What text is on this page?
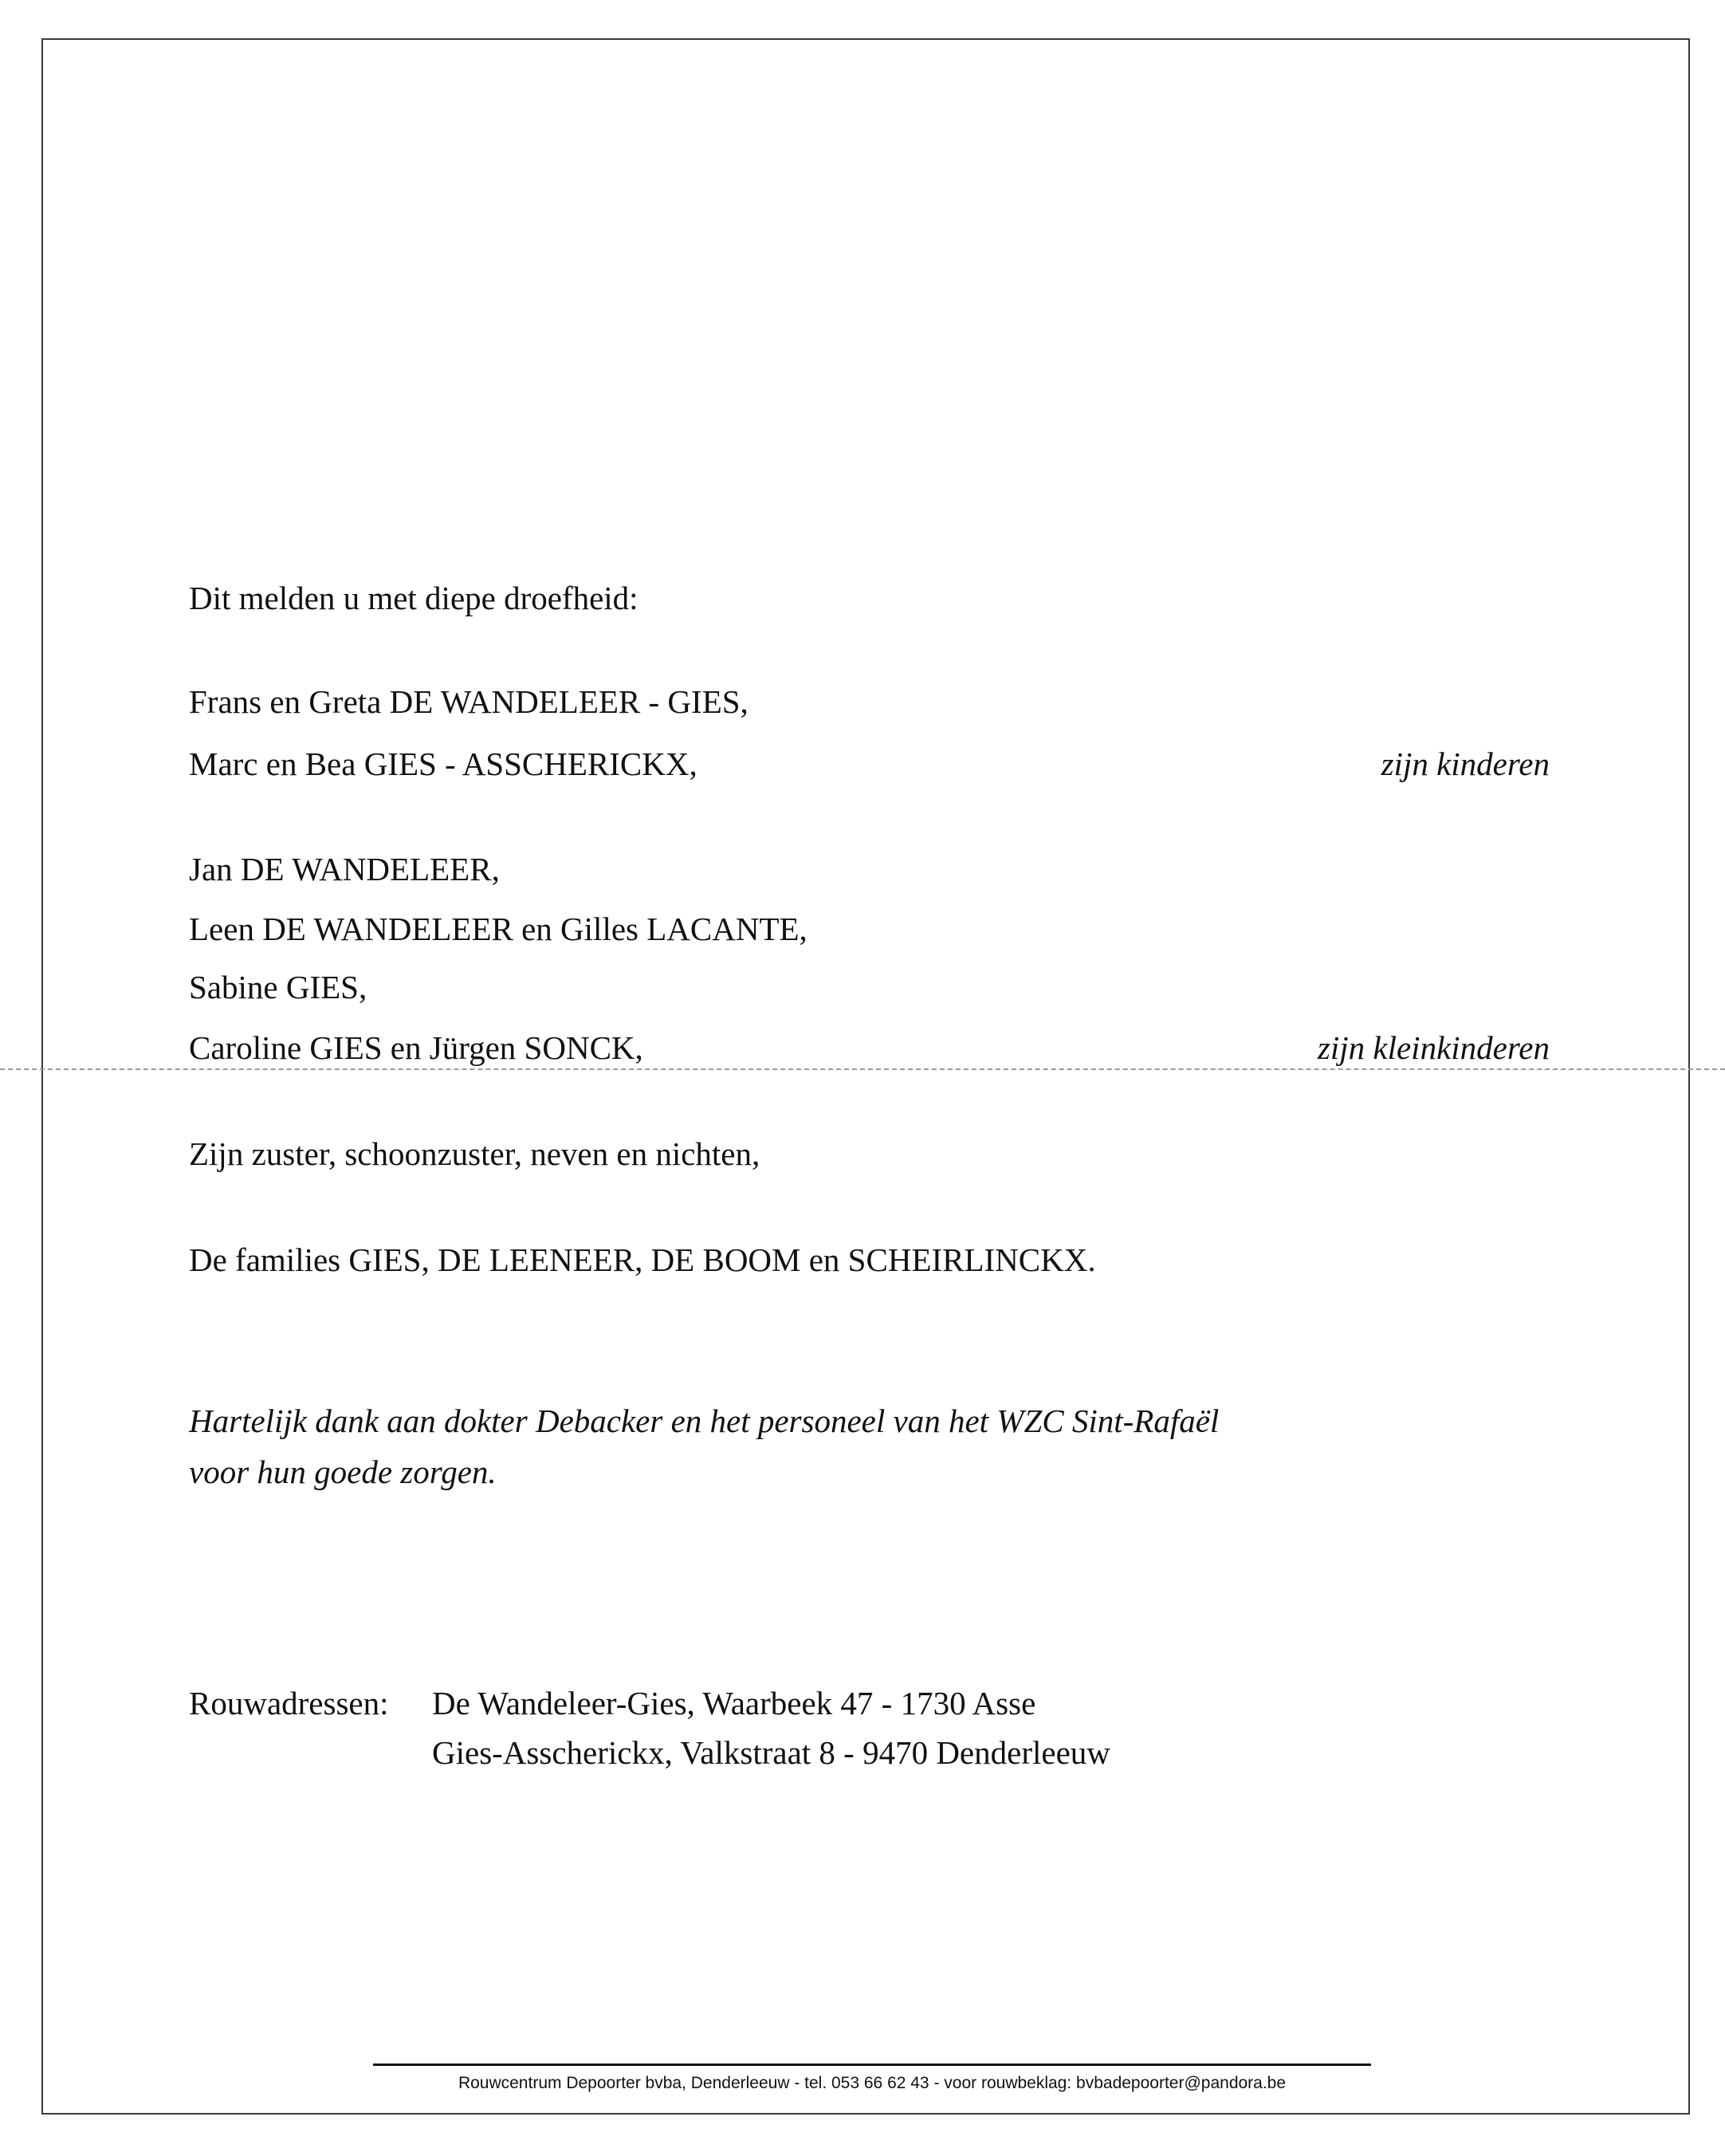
Dit melden u met diepe droefheid:
Frans en Greta DE WANDELEER - GIES,
Marc en Bea GIES - ASSCHERICKX,	zijn kinderen
Jan DE WANDELEER,
Leen DE WANDELEER en Gilles LACANTE,
Sabine GIES,
Caroline GIES en Jürgen SONCK,	zijn kleinkinderen
Zijn zuster, schoonzuster, neven en nichten,
De families GIES, DE LEENEER, DE BOOM en SCHEIRLINCKX.
Hartelijk dank aan dokter Debacker en het personeel van het WZC Sint-Rafaël
voor hun goede zorgen.
Rouwadressen: De Wandeleer-Gies, Waarbeek 47 - 1730 Asse
Gies-Asscherickx, Valkstraat 8 - 9470 Denderleeuw
Rouwcentrum Depoorter bvba, Denderleeuw - tel. 053 66 62 43 - voor rouwbeklag: bvbadepoorter@pandora.be
